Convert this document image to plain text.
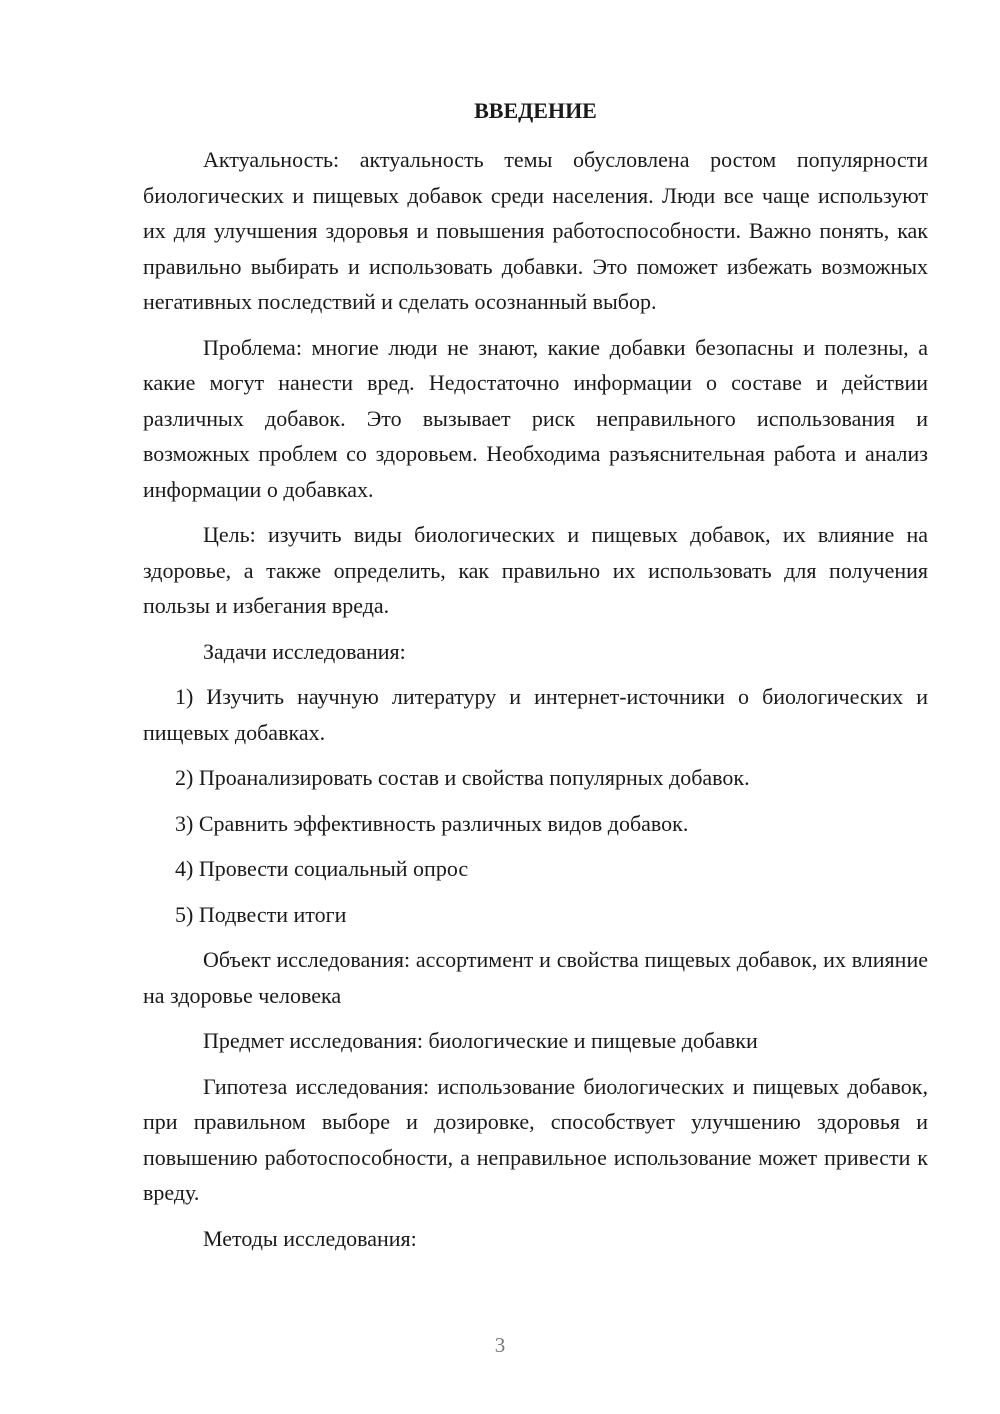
ВВЕДЕНИЕ

Актуальность: актуальность темы обусловлена ростом популярности биологических и пищевых добавок среди населения. Люди все чаще используют их для улучшения здоровья и повышения работоспособности. Важно понять, как правильно выбирать и использовать добавки. Это поможет избежать возможных негативных последствий и сделать осознанный выбор.

Проблема: многие люди не знают, какие добавки безопасны и полезны, а какие могут нанести вред. Недостаточно информации о составе и действии различных добавок. Это вызывает риск неправильного использования и возможных проблем со здоровьем. Необходима разъяснительная работа и анализ информации о добавках.

Цель: изучить виды биологических и пищевых добавок, их влияние на здоровье, а также определить, как правильно их использовать для получения пользы и избегания вреда.

Задачи исследования:

1) Изучить научную литературу и интернет-источники о биологических и пищевых добавках.

2) Проанализировать состав и свойства популярных добавок.

3) Сравнить эффективность различных видов добавок.

4) Провести социальный опрос

5) Подвести итоги

Объект исследования: ассортимент и свойства пищевых добавок, их влияние на здоровье человека

Предмет исследования: биологические и пищевые добавки

Гипотеза исследования: использование биологических и пищевых добавок, при правильном выборе и дозировке, способствует улучшению здоровья и повышению работоспособности, а неправильное использование может привести к вреду.

Методы исследования:

3
